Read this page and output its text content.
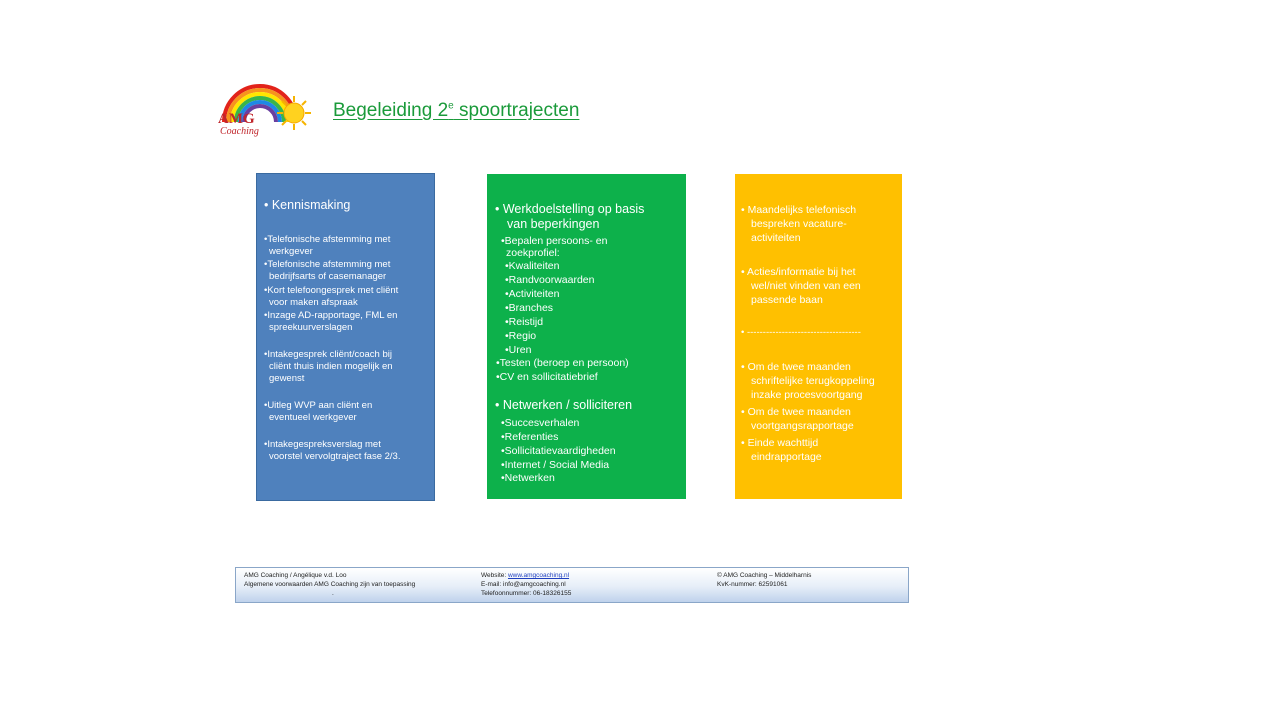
AMG
Coaching
Begeleiding 2e spoortrajecten
• Kennismaking
•Telefonische afstemming met
werkgever
•Telefonische afstemming met
bedrijfsarts of casemanager
•Kort telefoongesprek met cliënt
voor maken afspraak
•Inzage AD-rapportage, FML en
spreekuurverslagen
•Intakegesprek cliënt/coach bij
cliënt thuis indien mogelijk en
gewenst
•Uitleg WVP aan cliënt en
eventueel werkgever
•Intakegespreksverslag met
voorstel vervolgtraject fase 2/3.
• Werkdoelstelling op basis
van beperkingen
•Bepalen persoons- en
zoekprofiel:
•Kwaliteiten
•Randvoorwaarden
•Activiteiten
•Branches
•Reistijd
•Regio
•Uren
•Testen (beroep en persoon)
•CV en sollicitatiebrief
• Netwerken / solliciteren
•Succesverhalen
•Referenties
•Sollicitatievaardigheden
•Internet / Social Media
•Netwerken
• Maandelijks telefonisch
bespreken vacature-
activiteiten
• Acties/informatie bij het
wel/niet vinden van een
passende baan
• ------------------------------------
• Om de twee maanden
schriftelijke terugkoppeling
inzake procesvoortgang
• Om de twee maanden
voortgangsrapportage
• Einde wachttijd
eindrapportage
AMG Coaching / Angélique v.d. Loo
Algemene voorwaarden AMG Coaching zijn van toepassing
.
Website: www.amgcoaching.nl
E-mail: info@amgcoaching.nl
Telefoonnummer: 06-18326155
© AMG Coaching – Middelharnis
KvK-nummer: 62591061
